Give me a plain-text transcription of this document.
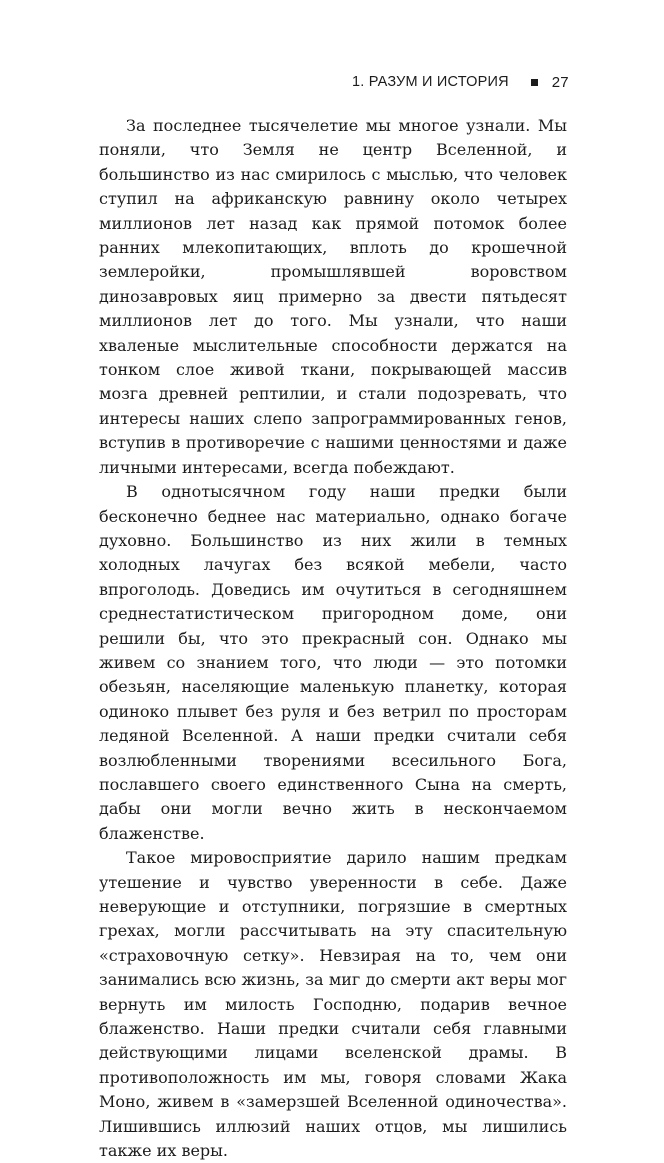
1. РАЗУМ И ИСТОРИЯ	27

За последнее тысячелетие мы многое узнали. Мы поняли, что Земля не центр Вселенной, и большинство из нас смирилось с мыслью, что человек ступил на африканскую равнину около четырех миллионов лет назад как прямой потомок более ранних млекопитающих, вплоть до крошечной землеройки, промышлявшей воровством динозавровых яиц примерно за двести пятьдесят миллионов лет до того. Мы узнали, что наши хваленые мыслительные способности держатся на тонком слое живой ткани, покрывающей массив мозга древней рептилии, и стали подозревать, что интересы наших слепо запрограммированных генов, вступив в противоречие с нашими ценностями и даже личными интересами, всегда побеждают.

В однотысячном году наши предки были бесконечно беднее нас материально, однако богаче духовно. Большинство из них жили в темных холодных лачугах без всякой мебели, часто впроголодь. Доведись им очутиться в сегодняшнем среднестатистическом пригородном доме, они решили бы, что это прекрасный сон. Однако мы живем со знанием того, что люди — это потомки обезьян, населяющие маленькую планетку, которая одиноко плывет без руля и без ветрил по просторам ледяной Вселенной. А наши предки считали себя возлюбленными творениями всесильного Бога, пославшего своего единственного Сына на смерть, дабы они могли вечно жить в нескончаемом блаженстве.

Такое мировосприятие дарило нашим предкам утешение и чувство уверенности в себе. Даже неверующие и отступники, погрязшие в смертных грехах, могли рассчитывать на эту спасительную «страховочную сетку». Невзирая на то, чем они занимались всю жизнь, за миг до смерти акт веры мог вернуть им милость Господню, подарив вечное блаженство. Наши предки считали себя главными действующими лицами вселенской драмы. В противоположность им мы, говоря словами Жака Моно, живем в «замерзшей Вселенной одиночества». Лишившись иллюзий наших отцов, мы лишились также их веры.
